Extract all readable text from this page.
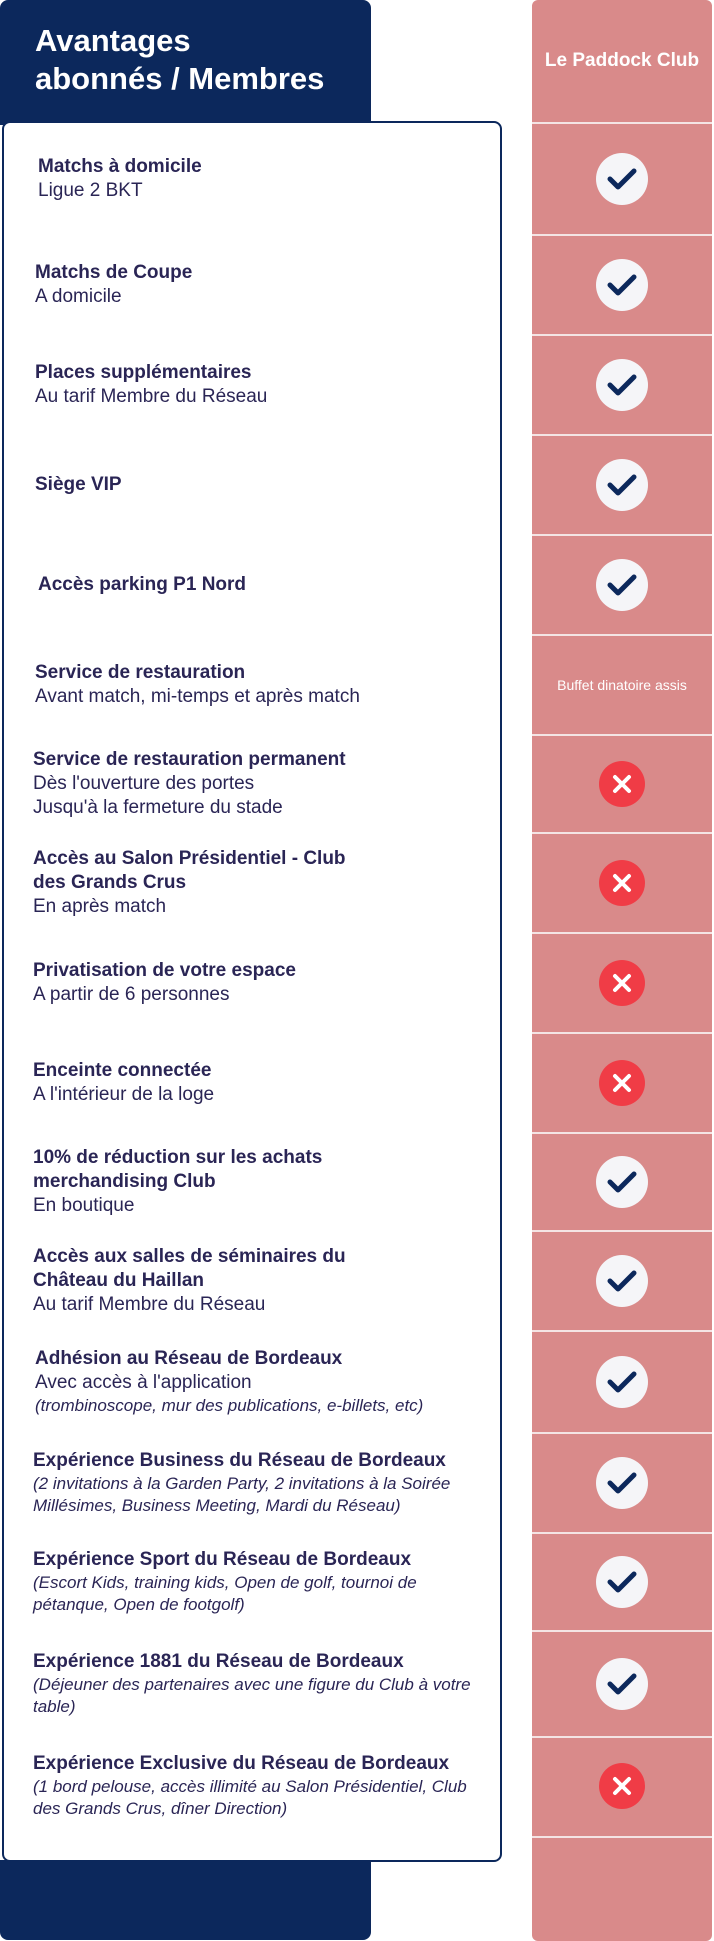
Avantages
abonnés / Membres
Le Paddock Club
Matchs à domicile
Ligue 2 BKT
Matchs de Coupe
A domicile
Places supplémentaires
Au tarif Membre du Réseau
Siège VIP
Accès parking P1 Nord
Service de restauration
Avant match, mi-temps et après match
Buffet dinatoire assis
Service de restauration permanent
Dès l'ouverture des portes
Jusqu'à la fermeture du stade
Accès au Salon Présidentiel - Club des Grands Crus
En après match
Privatisation de votre espace
A partir de 6 personnes
Enceinte connectée
A l'intérieur de la loge
10% de réduction sur les achats merchandising Club
En boutique
Accès aux salles de séminaires du Château du Haillan
Au tarif Membre du Réseau
Adhésion au Réseau de Bordeaux
Avec accès à l'application
(trombinoscope, mur des publications, e-billets, etc)
Expérience Business du Réseau de Bordeaux
(2 invitations à la Garden Party, 2 invitations à la Soirée Millésimes, Business Meeting, Mardi du Réseau)
Expérience Sport du Réseau de Bordeaux
(Escort Kids, training kids, Open de golf, tournoi de pétanque, Open de footgolf)
Expérience 1881 du Réseau de Bordeaux
(Déjeuner des partenaires avec une figure du Club à votre table)
Expérience Exclusive du Réseau de Bordeaux
(1 bord pelouse, accès illimité au Salon Présidentiel, Club des Grands Crus, dîner Direction)
